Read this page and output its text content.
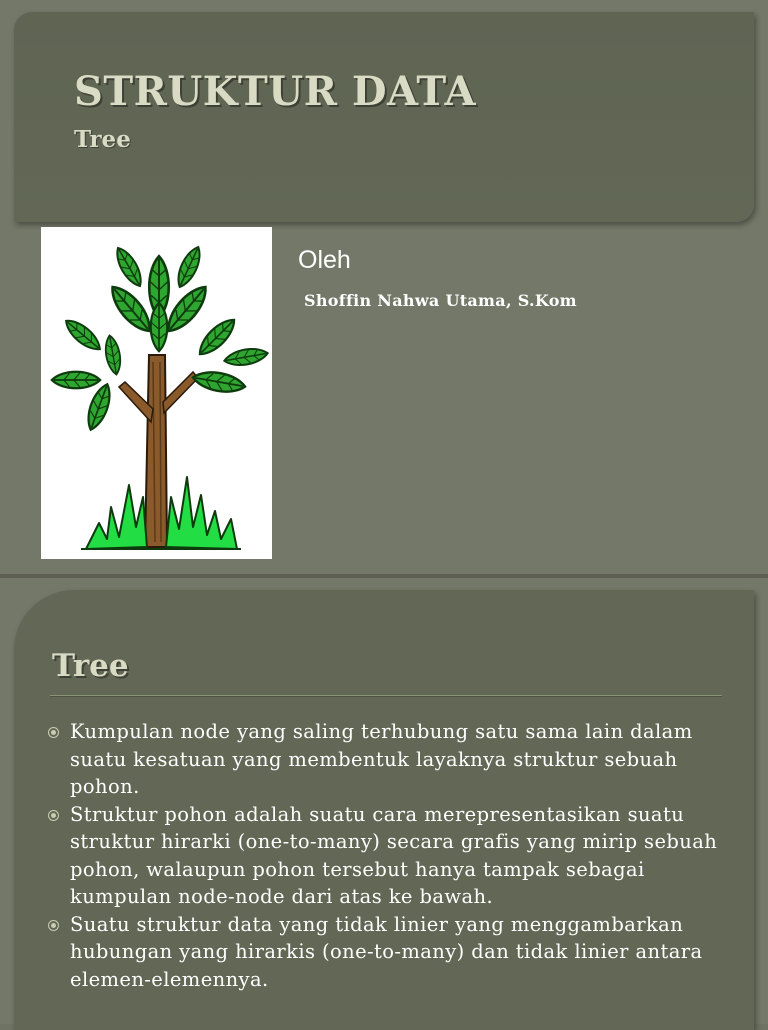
STRUKTUR DATA
Tree
Oleh
Shoffin Nahwa Utama, S.Kom
Tree
Kumpulan node yang saling terhubung satu sama lain dalam suatu kesatuan yang membentuk layaknya struktur sebuah pohon.
Struktur pohon adalah suatu cara merepresentasikan suatu struktur hirarki (one-to-many) secara grafis yang mirip sebuah pohon, walaupun pohon tersebut hanya tampak sebagai kumpulan node-node dari atas ke bawah.
Suatu struktur data yang tidak linier yang menggambarkan hubungan yang hirarkis (one-to-many) dan tidak linier antara elemen-elemennya.
